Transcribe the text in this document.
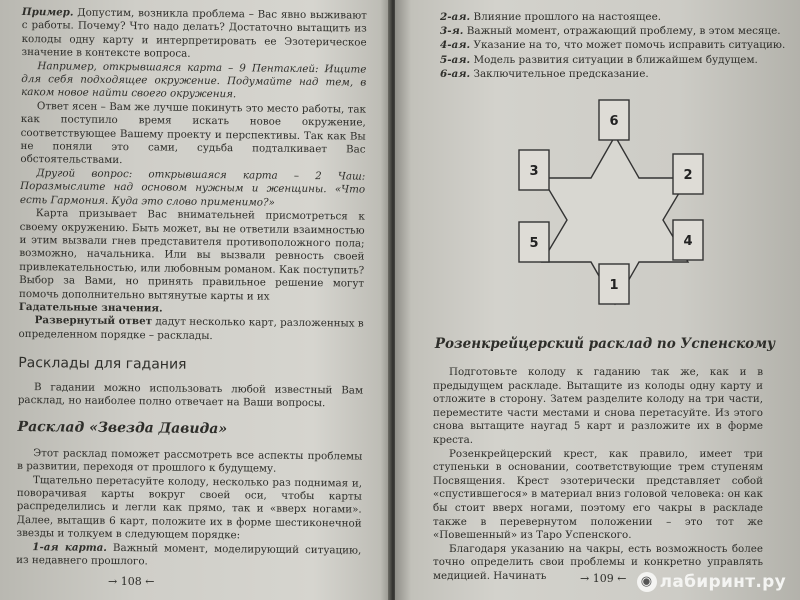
Пример. Допустим, возникла проблема – Вас явно выживают с работы. Почему? Что надо делать? Достаточно вытащить из колоды одну карту и интерпретировать ее Эзотерическое значение в контексте вопроса.

Например, открывшаяся карта – 9 Пентаклей: Ищите для себя подходящее окружение. Подумайте над тем, в каком новое найти своего окружения.

Ответ ясен – Вам же лучше покинуть это место работы, так как поступило время искать новое окружение, соответствующее Вашему проекту и перспективы. Так как Вы не поняли это сами, судьба подталкивает Вас обстоятельствами.

Другой вопрос: открывшаяся карта – 2 Чаш: Поразмыслите над основом нужным и женщины. «Что есть Гармония. Куда это слово применимо?»

Карта призывает Вас внимательней присмотреться к своему окружению. Быть может, вы не ответили взаимностью и этим вызвали гнев представителя противоположного пола; возможно, начальника. Или вы вызвали ревность своей привлекательностью, или любовным романом. Как поступить? Выбор за Вами, но принять правильное решение могут помочь дополнительно вытянутые карты и их

Гадательные значения.

Развернутый ответ дадут несколько карт, разложенных в определенном порядке – расклады.

Расклады для гадания

В гадании можно использовать любой известный Вам расклад, но наиболее полно отвечает на Ваши вопросы.

Расклад «Звезда Давида»

Этот расклад поможет рассмотреть все аспекты проблемы в развитии, переходя от прошлого к будущему.

Тщательно перетасуйте колоду, несколько раз поднимая и, поворачивая карты вокруг своей оси, чтобы карты распределились и легли как прямо, так и «вверх ногами». Далее, вытащив 6 карт, положите их в форме шестиконечной звезды и толкуем в следующем порядке:

1-ая карта. Важный момент, моделирующий ситуацию, из недавнего прошлого.

→ 108 ←
2-ая. Влияние прошлого на настоящее.
3-я. Важный момент, отражающий проблему, в этом месяце.
4-ая. Указание на то, что может помочь исправить ситуацию.
5-ая. Модель развития ситуации в ближайшем будущем.
6-ая. Заключительное предсказание.
6
3	2
5	4
1
Розенкрейцерский расклад по Успенскому

Подготовьте колоду к гаданию так же, как и в предыдущем раскладе. Вытащите из колоды одну карту и отложите в сторону. Затем разделите колоду на три части, переместите части местами и снова перетасуйте. Из этого снова вытащите наугад 5 карт и разложите их в форме креста.

Розенкрейцерский крест, как правило, имеет три ступеньки в основании, соответствующие трем ступеням Посвящения. Крест эзотерически представляет собой «спустившегося» в материал вниз головой человека: он как бы стоит вверх ногами, поэтому его чакры в раскладе также в перевернутом положении – это тот же «Повешенный» из Таро Успенского.

Благодаря указанию на чакры, есть возможность более точно определить свои проблемы и конкретно управлять медицией. Начинать	→ 109 ←	◉ лабиринт.ру
